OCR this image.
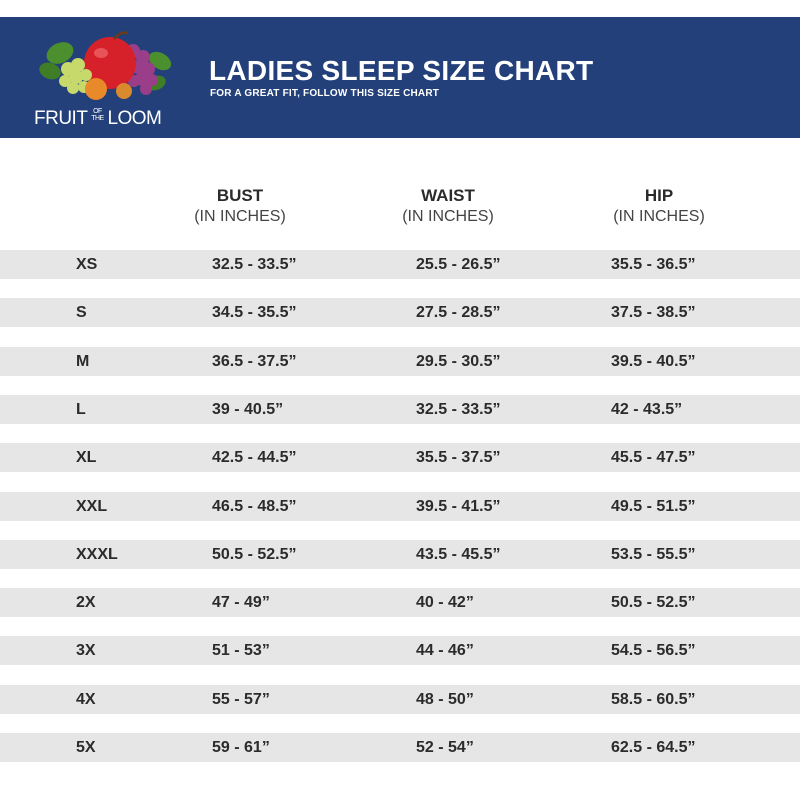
FRUIT OF
THE LOOM
LADIES SLEEP SIZE CHART
FOR A GREAT FIT, FOLLOW THIS SIZE CHART
BUST
(IN INCHES)
WAIST
(IN INCHES)
HIP
(IN INCHES)
XS	32.5 - 33.5”	25.5 - 26.5”	35.5 - 36.5”
S	34.5 - 35.5”	27.5 - 28.5”	37.5 - 38.5”
M	36.5 - 37.5”	29.5 - 30.5”	39.5 - 40.5”
L	39 - 40.5”	32.5 - 33.5”	42 - 43.5”
XL	42.5 - 44.5”	35.5 - 37.5”	45.5 - 47.5”
XXL	46.5 - 48.5”	39.5 - 41.5”	49.5 - 51.5”
XXXL	50.5 - 52.5”	43.5 - 45.5”	53.5 - 55.5”
2X	47 - 49”	40 - 42”	50.5 - 52.5”
3X	51 - 53”	44 - 46”	54.5 - 56.5”
4X	55 - 57”	48 - 50”	58.5 - 60.5”
5X	59 - 61”	52 - 54”	62.5 - 64.5”
